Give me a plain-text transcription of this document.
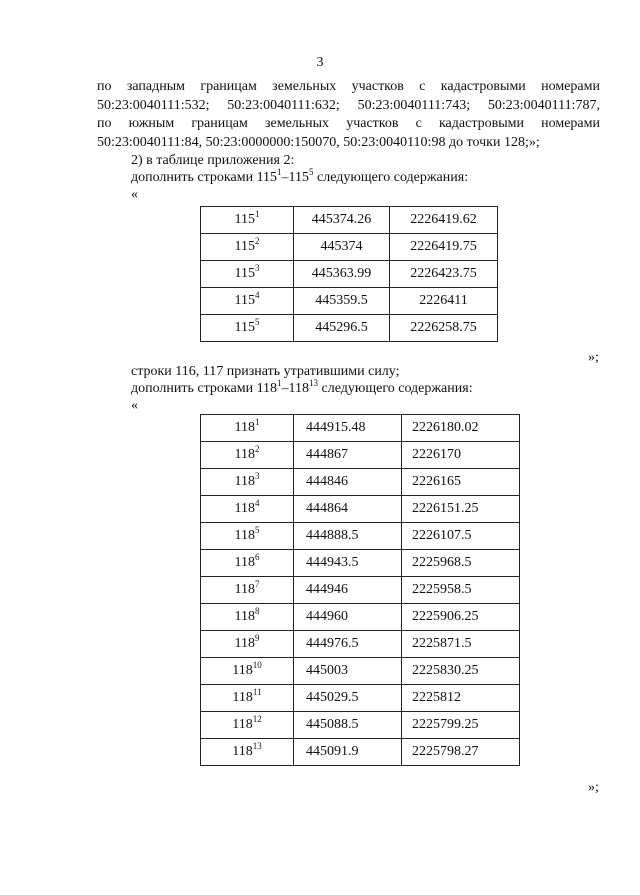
3
по западным границам земельных участков с кадастровыми номерами
50:23:0040111:532; 50:23:0040111:632; 50:23:0040111:743; 50:23:0040111:787,
по южным границам земельных участков с кадастровыми номерами
50:23:0040111:84, 50:23:0000000:150070, 50:23:0040110:98 до точки 128;»;
2) в таблице приложения 2:
дополнить строками $115^1-115^5$ следующего содержания:
«
$115^1$	445374.26	2226419.62
$115^2$	445374	2226419.75
$115^3$	445363.99	2226423.75
$115^4$	445359.5	2226411
$115^5$	445296.5	2226258.75
»;
строки 116, 117 признать утратившими силу;
дополнить строками $118^1-118^{13}$ следующего содержания:
«
$118^1$	444915.48	2226180.02
$118^2$	444867	2226170
$118^3$	444846	2226165
$118^4$	444864	2226151.25
$118^5$	444888.5	2226107.5
$118^6$	444943.5	2225968.5
$118^7$	444946	2225958.5
$118^8$	444960	2225906.25
$118^9$	444976.5	2225871.5
$118^{10}$	445003	2225830.25
$118^{11}$	445029.5	2225812
$118^{12}$	445088.5	2225799.25
$118^{13}$	445091.9	2225798.27
»;
